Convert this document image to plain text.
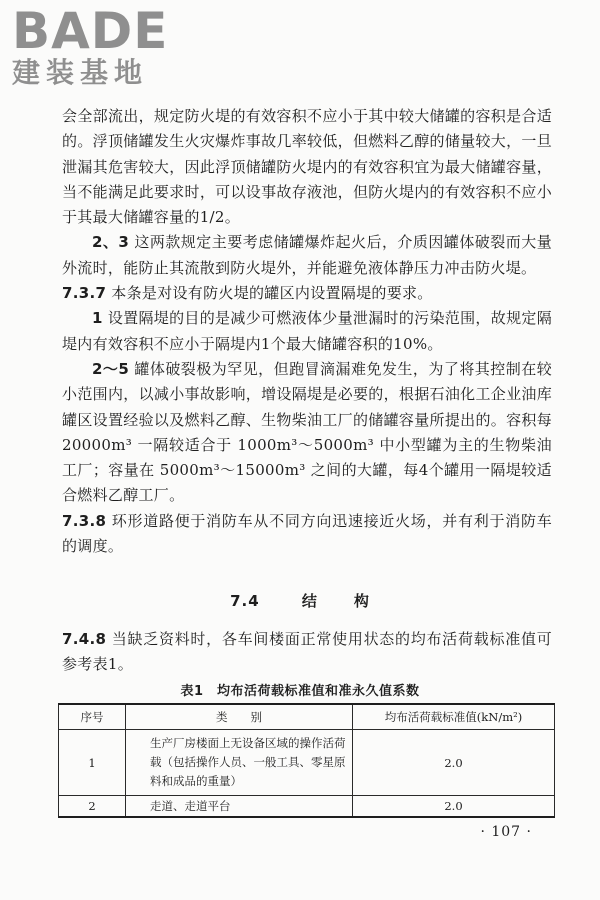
BADE
建装基地

会全部流出，规定防火堤的有效容积不应小于其中较大储罐的容积是合适的。浮顶储罐发生火灾爆炸事故几率较低，但燃料乙醇的储量较大，一旦泄漏其危害较大，因此浮顶储罐防火堤内的有效容积宜为最大储罐容量，当不能满足此要求时，可以设事故存液池，但防火堤内的有效容积不应小于其最大储罐容量的1/2。

2、3 这两款规定主要考虑储罐爆炸起火后，介质因罐体破裂而大量外流时，能防止其流散到防火堤外，并能避免液体静压力冲击防火堤。

7.3.7 本条是对设有防火堤的罐区内设置隔堤的要求。

1 设置隔堤的目的是减少可燃液体少量泄漏时的污染范围，故规定隔堤内有效容积不应小于隔堤内1个最大储罐容积的10%。

2～5 罐体破裂极为罕见，但跑冒滴漏难免发生，为了将其控制在较小范围内，以减小事故影响，增设隔堤是必要的，根据石油化工企业油库罐区设置经验以及燃料乙醇、生物柴油工厂的储罐容量所提出的。容积每 20000m³ 一隔较适合于 1000m³～5000m³ 中小型罐为主的生物柴油工厂；容量在 5000m³～15000m³ 之间的大罐，每4个罐用一隔堤较适合燃料乙醇工厂。

7.3.8 环形道路便于消防车从不同方向迅速接近火场，并有利于消防车的调度。

7.4	结 构

7.4.8 当缺乏资料时，各车间楼面正常使用状态的均布活荷载标准值可参考表1。

表1　均布活荷载标准值和准永久值系数
序号	类　　别	均布活荷载标准值(kN/m²)
1	生产厂房楼面上无设备区域的操作活荷载（包括操作人员、一般工具、零星原料和成品的重量）	2.0
2	走道、走道平台	2.0
· 107 ·
